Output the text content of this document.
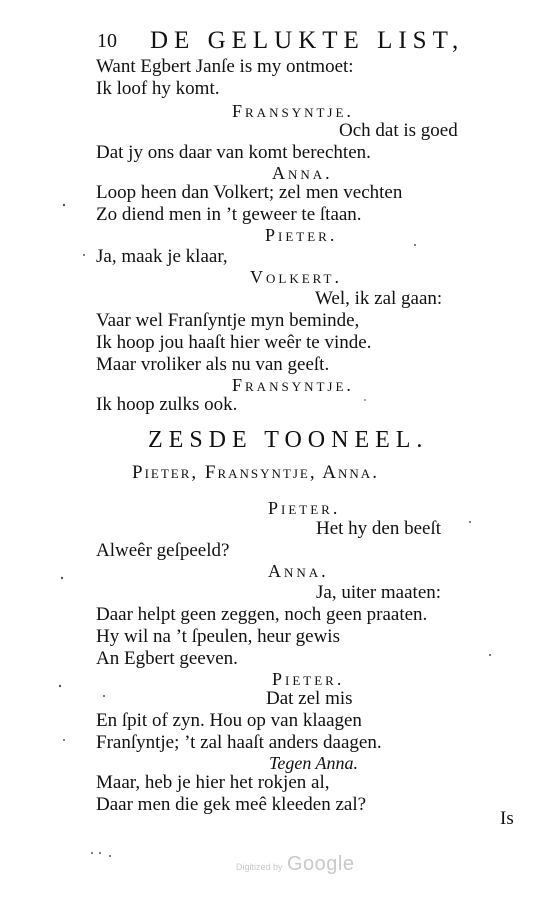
10 DE GELUKTE LIST,
Want Egbert Janſe is my ontmoet:
Ik loof hy komt.
Fransyntje.
Och dat is goed
Dat jy ons daar van komt berechten.
Anna.
Loop heen dan Volkert; zel men vechten
Zo diend men in ’t geweer te ſtaan.
Pieter.
Ja, maak je klaar,
Volkert.
Wel, ik zal gaan:
Vaar wel Franſyntje myn beminde,
Ik hoop jou haaſt hier weêr te vinde.
Maar vroliker als nu van geeſt.
Fransyntje.
Ik hoop zulks ook.
ZESDE TOONEEL.
Pieter, Fransyntje, Anna.
Pieter.
Het hy den beeſt
Alweêr geſpeeld?
Anna.
Ja, uiter maaten:
Daar helpt geen zeggen, noch geen praaten.
Hy wil na ’t ſpeulen, heur gewis
An Egbert geeven.
Pieter.
Dat zel mis
En ſpit of zyn. Hou op van klaagen
Franſyntje; ’t zal haaſt anders daagen.
Tegen Anna.
Maar, heb je hier het rokjen al,
Daar men die gek meê kleeden zal?
Is
Digitized by Google
